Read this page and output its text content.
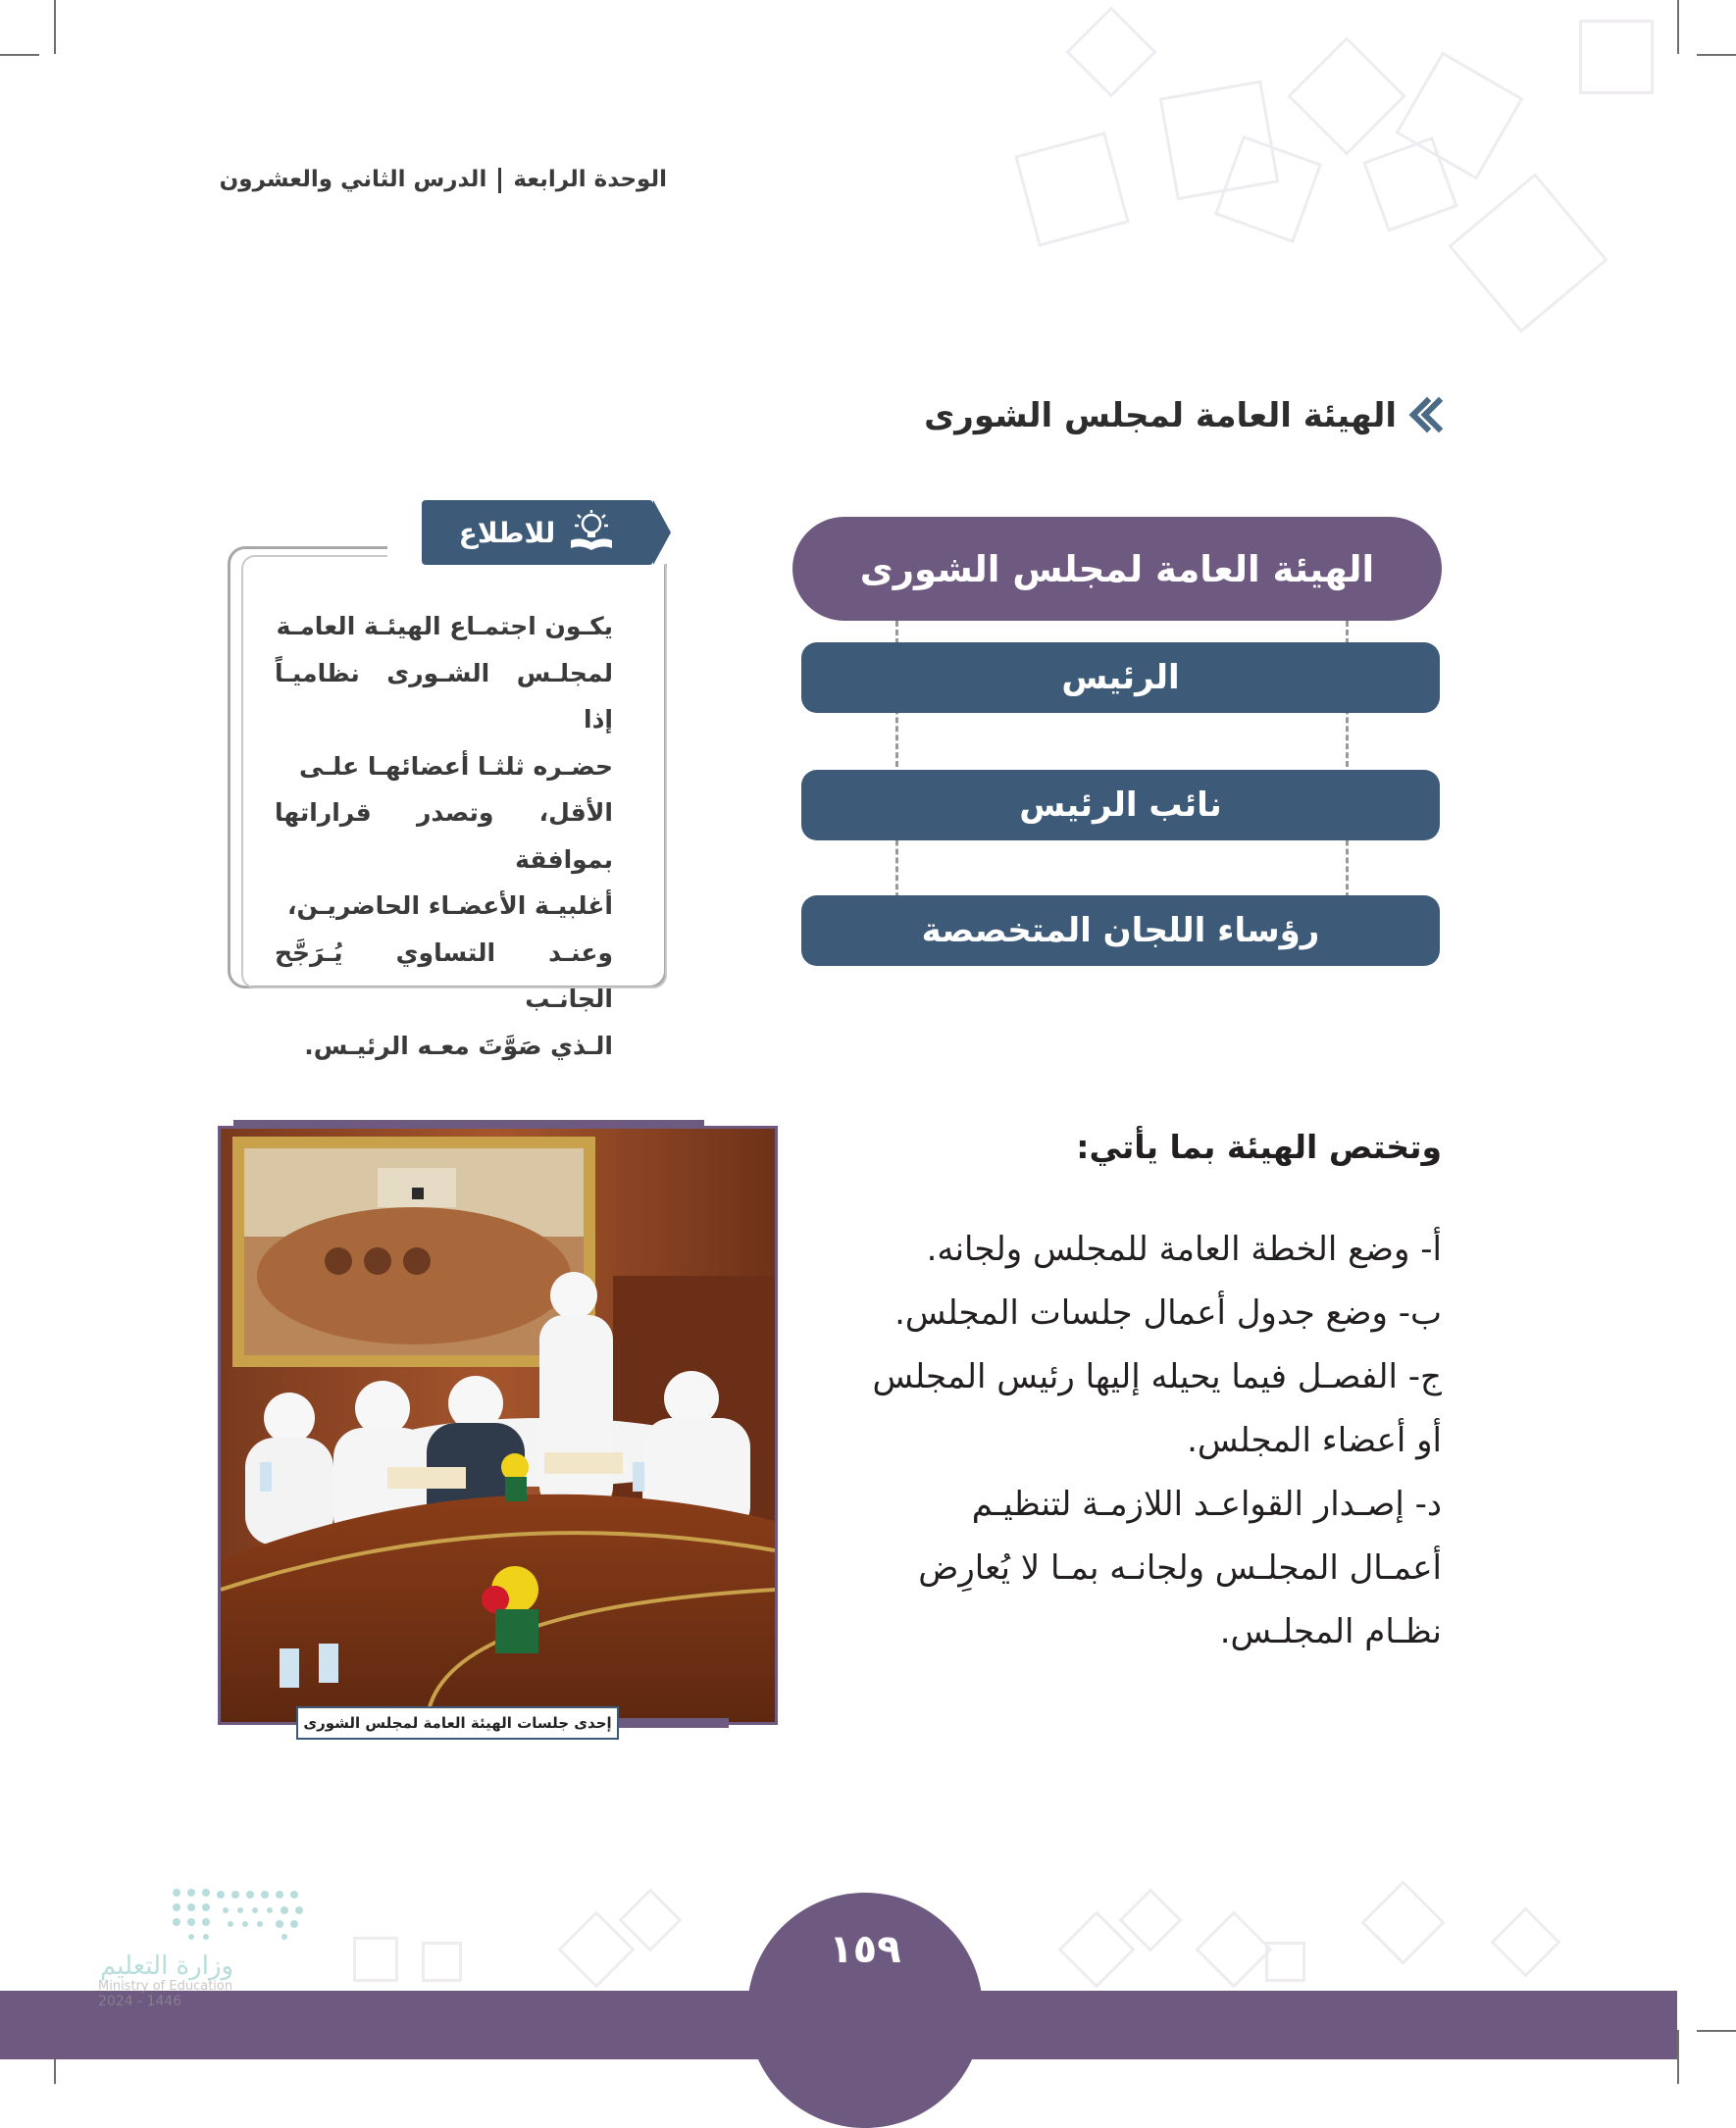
الوحدة الرابعةالدرس الثاني والعشرون
الهيئة العامة لمجلس الشورى
الهيئة العامة لمجلس الشورى
الرئيس
نائب الرئيس
رؤساء اللجان المتخصصة
للاطلاع
يكـون اجتمـاع الهيئـة العامـة
لمجلـس الشـورى نظاميـاً إذا
حضـره ثلثـا أعضائهـا علـى
الأقل، وتصدر قراراتها بموافقة
أغلبيـة الأعضـاء الحاضريـن،
وعنـد التساوي يُـرَجَّح الجانـب
الـذي صَوَّتَ معـه الرئيـس.
وتختص الهيئة بما يأتي:

أ- وضع الخطة العامة للمجلس ولجانه.

ب- وضع جدول أعمال جلسات المجلس.

ج- الفصـل فيما يحيله إليها رئيس المجلس

أو أعضاء المجلس.

د- إصـدار القواعـد اللازمـة لتنظيـم

أعمـال المجلـس ولجانـه بمـا لا يُعارِض

نظـام المجلـس.

إحدى جلسات الهيئة العامة لمجلس الشورى
١٥٩
وزارة التعليم
Ministry of Education
2024 - 1446
